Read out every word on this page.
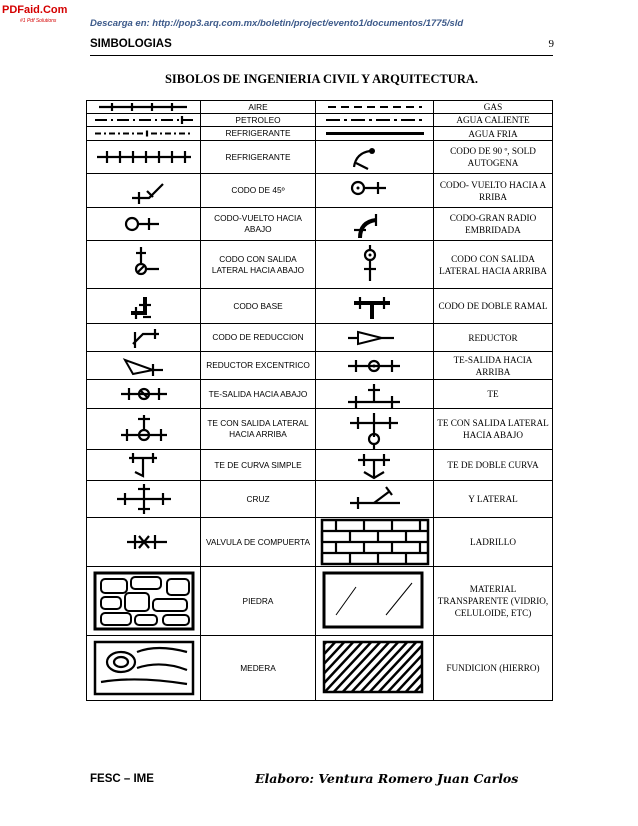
PDFaid.Com
#1 Pdf Solutions	Descarga en: http://pop3.arq.com.mx/boletin/project/evento1/documentos/1775/sld
SIMBOLOGIAS	9
SIBOLOS DE INGENIERIA CIVIL Y ARQUITECTURA.
	AIRE		GAS

	PETROLEO		AGUA CALIENTE

	REFRIGERANTE		AGUA FRIA

	REFRIGERANTE		CODO DE 90 º, SOLD AUTOGENA

	CODO DE 45º		CODO- VUELTO HACIA A RRIBA

	CODO-VUELTO HACIA ABAJO		CODO-GRAN RADIO EMBRIDADA

	CODO CON SALIDA LATERAL HACIA ABAJO		CODO CON SALIDA LATERAL HACIA ARRIBA

	CODO BASE		CODO DE DOBLE RAMAL

	CODO DE REDUCCION		REDUCTOR

	REDUCTOR EXCENTRICO		TE-SALIDA HACIA ARRIBA

	TE-SALIDA HACIA ABAJO		TE

	TE CON SALIDA LATERAL HACIA ARRIBA		TE CON SALIDA LATERAL HACIA ABAJO

	TE DE CURVA SIMPLE		TE DE DOBLE CURVA

	CRUZ		Y LATERAL

	VALVULA DE COMPUERTA		LADRILLO

	PIEDRA		MATERIAL TRANSPARENTE (VIDRIO, CELULOIDE, ETC)

	MEDERA		FUNDICION (HIERRO)
FESC – IME	Elaboro: Ventura Romero Juan Carlos
